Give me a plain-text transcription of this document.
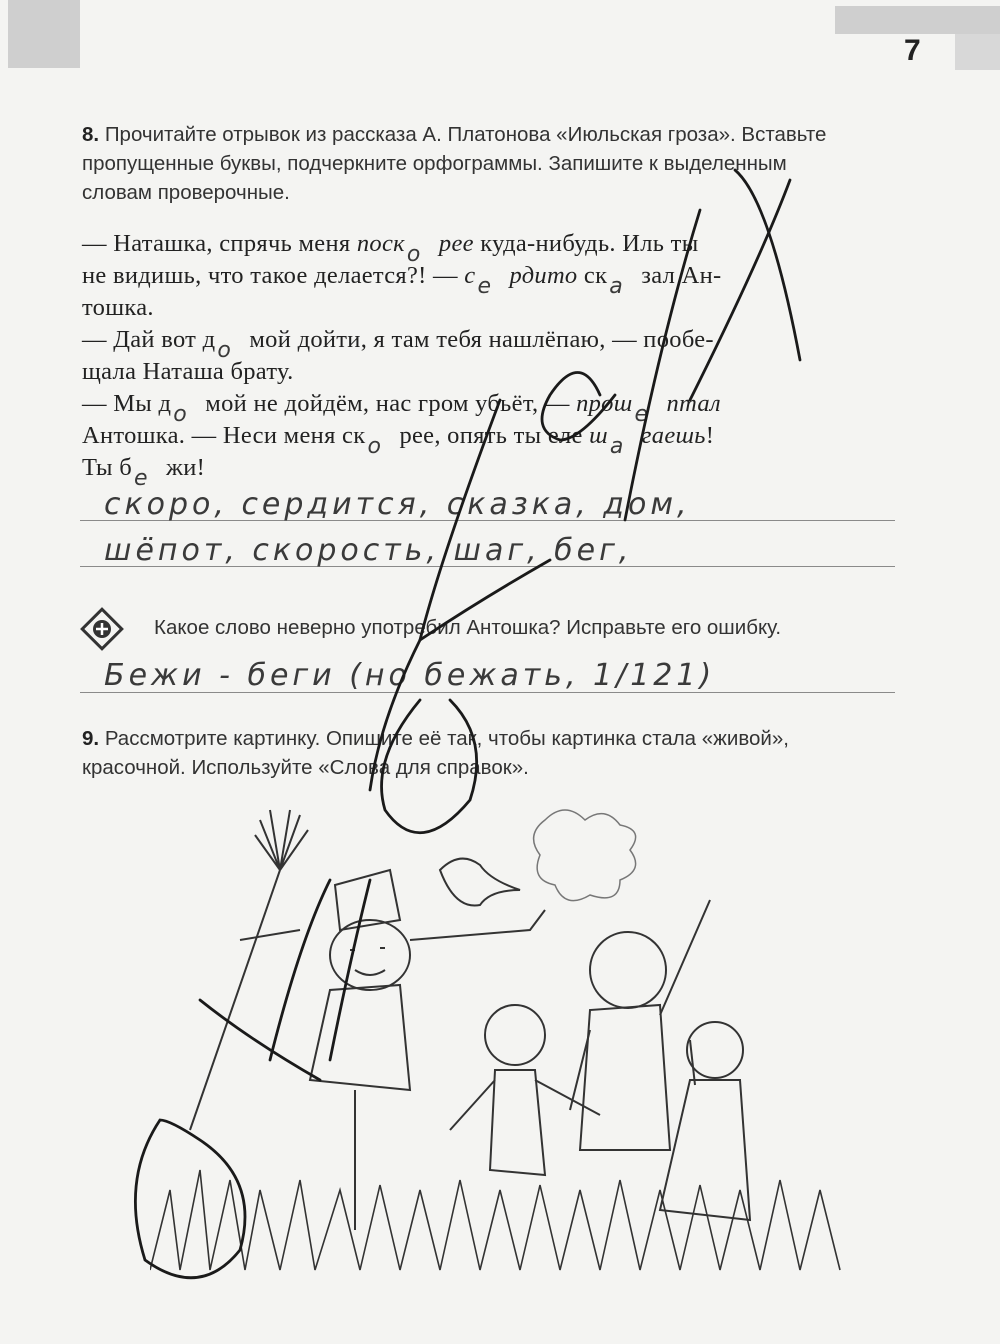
7
8. Прочитайте отрывок из рассказа А. Платонова «Июльская гроза». Вставьте
пропущенные буквы, подчеркните орфограммы. Запишите к выделенным
словам проверочные.
— Наташка, спрячь меня поск о рее куда-нибудь. Иль ты
не видишь, что такое делается?! — с е рдито ск а зал Ан-
тошка.
— Дай вот д о мой дойти, я там тебя нашлёпаю, — пообе-
щала Наташа брату.
— Мы д о мой не дойдём, нас гром убьёт, — прош е птал
Антошка. — Неси меня ск о рее, опять ты еле ш а гаешь!
Ты б е жи!
скоро, сердится, сказка, дом,
шёпот, скорость, шаг, бег,
Какое слово неверно употребил Антошка? Исправьте его ошибку.
Бежи - беги (но бежать, 1/121)
9. Рассмотрите картинку. Опишите её так, чтобы картинка стала «живой»,
красочной. Используйте «Слова для справок».
